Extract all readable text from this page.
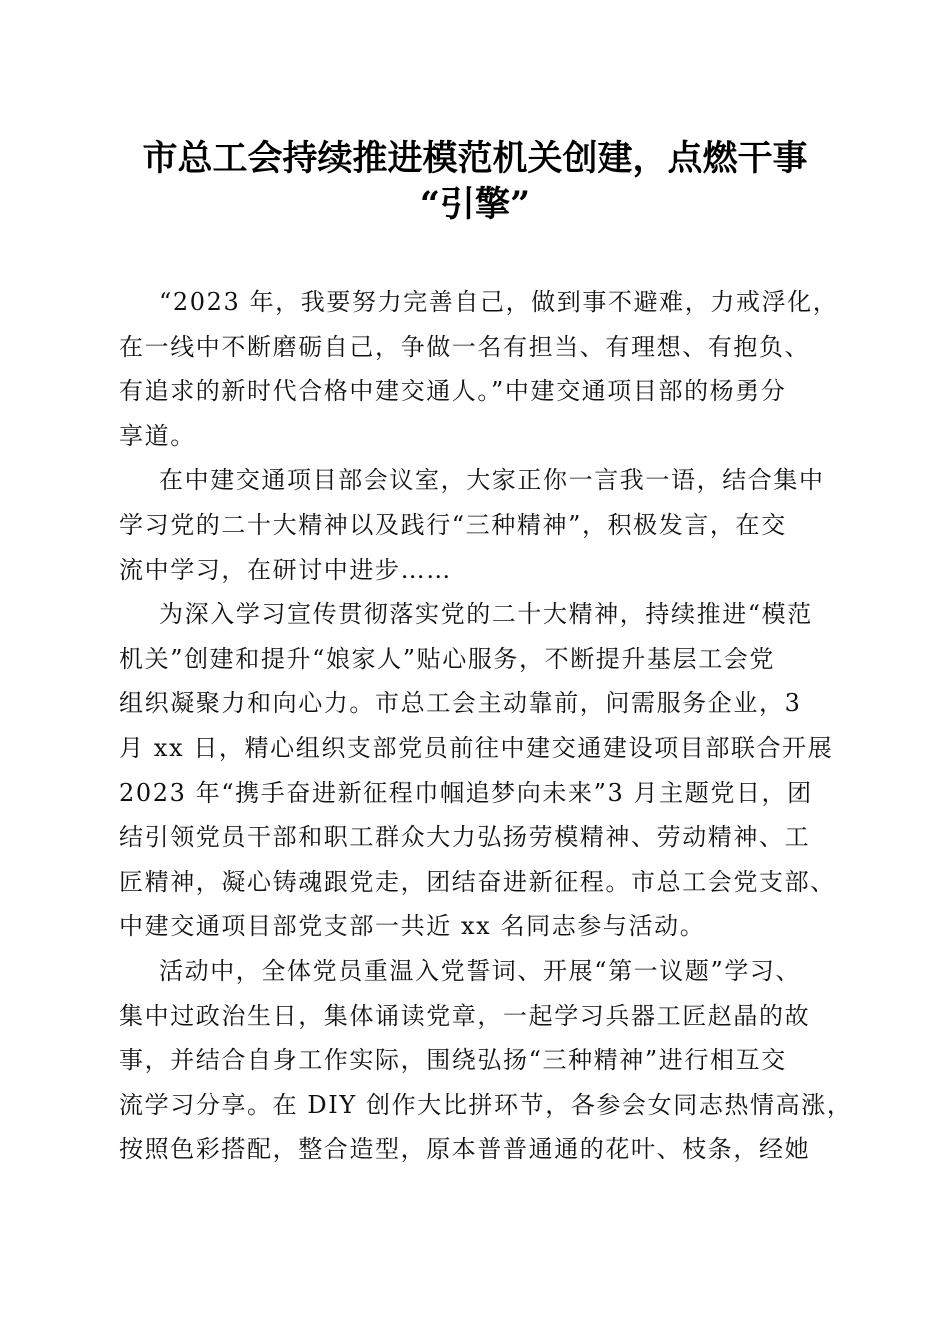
市总工会持续推进模范机关创建，点燃干事
“引擎”
“2023 年，我要努力完善自己，做到事不避难，力戒浮化，
在一线中不断磨砺自己，争做一名有担当、有理想、有抱负、
有追求的新时代合格中建交通人。”中建交通项目部的杨勇分
享道。
在中建交通项目部会议室，大家正你一言我一语，结合集中
学习党的二十大精神以及践行“三种精神”，积极发言，在交
流中学习，在研讨中进步……
为深入学习宣传贯彻落实党的二十大精神，持续推进“模范
机关”创建和提升“娘家人”贴心服务，不断提升基层工会党
组织凝聚力和向心力。市总工会主动靠前，问需服务企业，3
月 xx 日，精心组织支部党员前往中建交通建设项目部联合开展
2023 年“携手奋进新征程巾帼追梦向未来”3 月主题党日，团
结引领党员干部和职工群众大力弘扬劳模精神、劳动精神、工
匠精神，凝心铸魂跟党走，团结奋进新征程。市总工会党支部、
中建交通项目部党支部一共近 xx 名同志参与活动。
活动中，全体党员重温入党誓词、开展“第一议题”学习、
集中过政治生日，集体诵读党章，一起学习兵器工匠赵晶的故
事，并结合自身工作实际，围绕弘扬“三种精神”进行相互交
流学习分享。在 DIY 创作大比拼环节，各参会女同志热情高涨，
按照色彩搭配，整合造型，原本普普通通的花叶、枝条，经她
